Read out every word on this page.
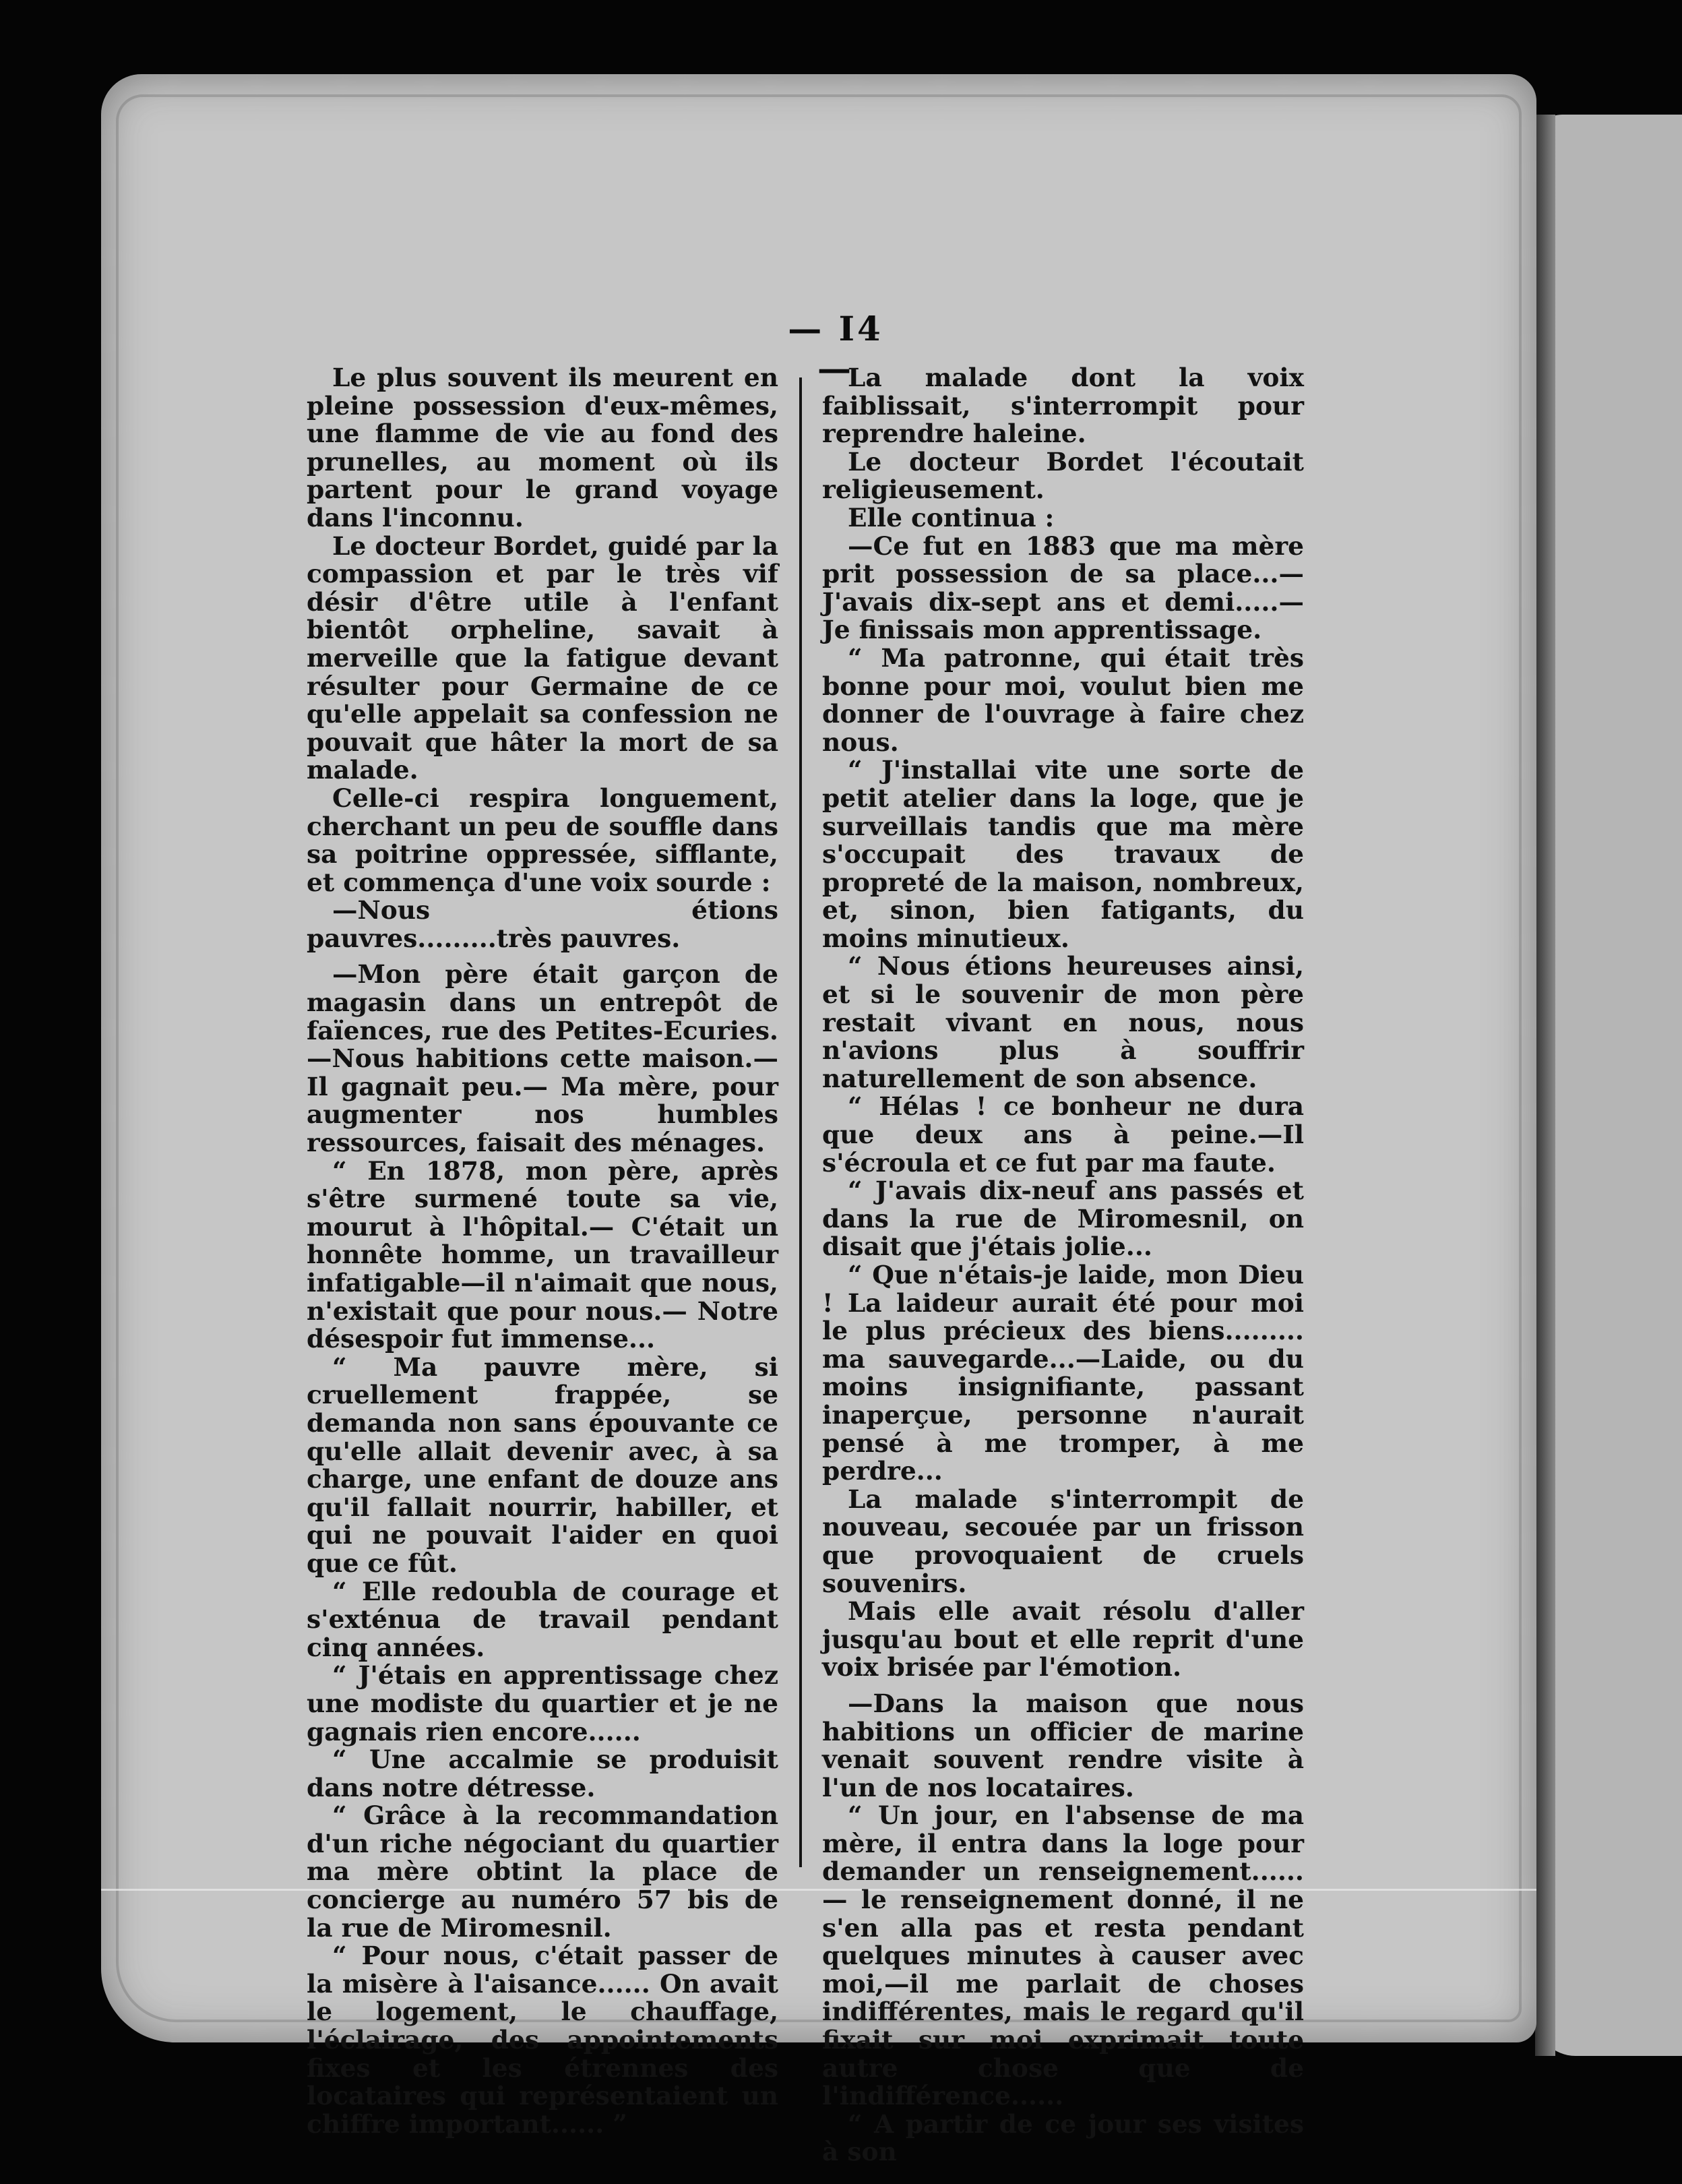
— I4 —

Le plus souvent ils meurent en pleine possession d'eux-mêmes, une flamme de vie au fond des prunelles, au moment où ils partent pour le grand voyage dans l'inconnu.

Le docteur Bordet, guidé par la compassion et par le très vif désir d'être utile à l'enfant bientôt orpheline, savait à merveille que la fatigue devant résulter pour Germaine de ce qu'elle appelait sa confession ne pouvait que hâter la mort de sa malade.

Celle-ci respira longuement, cherchant un peu de souffle dans sa poitrine oppressée, sifflante, et commença d'une voix sourde :

—Nous étions pauvres.........très pauvres.

—Mon père était garçon de magasin dans un entrepôt de faïences, rue des Petites-Ecuries.—Nous habitions cette maison.— Il gagnait peu.— Ma mère, pour augmenter nos humbles ressources, faisait des ménages.

“ En 1878, mon père, après s'être surmené toute sa vie, mourut à l'hôpital.— C'était un honnête homme, un travailleur infatigable—il n'aimait que nous, n'existait que pour nous.— Notre désespoir fut immense...

“ Ma pauvre mère, si cruellement frappée, se demanda non sans épouvante ce qu'elle allait devenir avec, à sa charge, une enfant de douze ans qu'il fallait nourrir, habiller, et qui ne pouvait l'aider en quoi que ce fût.

“ Elle redoubla de courage et s'exténua de travail pendant cinq années.

“ J'étais en apprentissage chez une modiste du quartier et je ne gagnais rien encore......

“ Une accalmie se produisit dans notre détresse.

“ Grâce à la recommandation d'un riche négociant du quartier ma mère obtint la place de concierge au numéro 57 bis de la rue de Miromesnil.

“ Pour nous, c'était passer de la misère à l'aisance...... On avait le logement, le chauffage, l'éclairage, des appointements fixes et les étrennes des locataires qui représentaient un chiffre important...... ”

La malade dont la voix faiblissait, s'interrompit pour reprendre haleine.

Le docteur Bordet l'écoutait religieusement.

Elle continua :

—Ce fut en 1883 que ma mère prit possession de sa place...— J'avais dix-sept ans et demi.....—Je finissais mon apprentissage.

“ Ma patronne, qui était très bonne pour moi, voulut bien me donner de l'ouvrage à faire chez nous.

“ J'installai vite une sorte de petit atelier dans la loge, que je surveillais tandis que ma mère s'occupait des travaux de propreté de la maison, nombreux, et, sinon, bien fatigants, du moins minutieux.

“ Nous étions heureuses ainsi, et si le souvenir de mon père restait vivant en nous, nous n'avions plus à souffrir naturellement de son absence.

“ Hélas ! ce bonheur ne dura que deux ans à peine.—Il s'écroula et ce fut par ma faute.

“ J'avais dix-neuf ans passés et dans la rue de Miromesnil, on disait que j'étais jolie...

“ Que n'étais-je laide, mon Dieu ! La laideur aurait été pour moi le plus précieux des biens......... ma sauvegarde...—Laide, ou du moins insignifiante, passant inaperçue, personne n'aurait pensé à me tromper, à me perdre...

La malade s'interrompit de nouveau, secouée par un frisson que provoquaient de cruels souvenirs.

Mais elle avait résolu d'aller jusqu'au bout et elle reprit d'une voix brisée par l'émotion.

—Dans la maison que nous habitions un officier de marine venait souvent rendre visite à l'un de nos locataires.

“ Un jour, en l'absense de ma mère, il entra dans la loge pour demander un renseignement......— le renseignement donné, il ne s'en alla pas et resta pendant quelques minutes à causer avec moi,—il me parlait de choses indifférentes, mais le regard qu'il fixait sur moi exprimait toute autre chose que de l'indifférence......

“ A partir de ce jour ses visites à son
